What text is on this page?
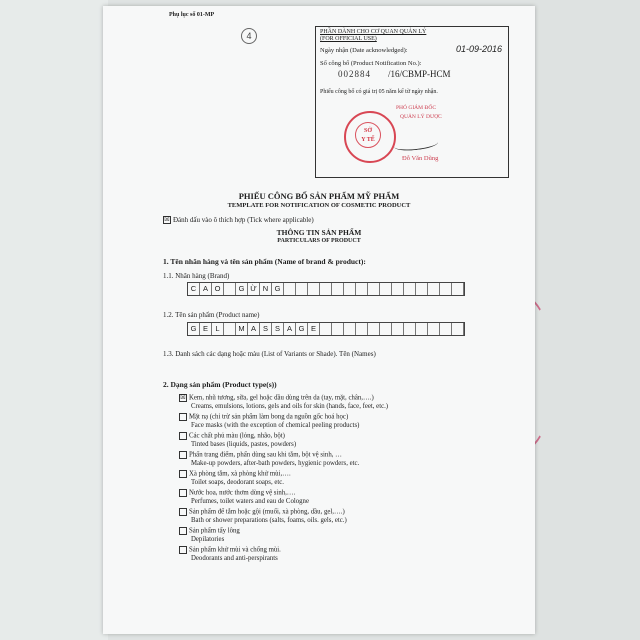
Phụ lục số 01-MP
4	PHẦN DÀNH CHO CƠ QUAN QUẢN LÝ
(FOR OFFICIAL USE)
Ngày nhận (Date acknowledged):	01-09-2016
Số công bố (Product Notification No.):
002884 /16/CBMP-HCM
Phiếu công bố có giá trị 05 năm kể từ ngày nhận.
SỞ
Y TẾ
PHÓ GIÁM ĐỐC
QUẢN LÝ DƯỢC
Đỗ Văn Dũng
PHIẾU CÔNG BỐ SẢN PHẨM MỸ PHẨM
TEMPLATE FOR NOTIFICATION OF COSMETIC PRODUCT
☒ Đánh dấu vào ô thích hợp (Tick where applicable)
THÔNG TIN SẢN PHẨM
PARTICULARS OF PRODUCT
1. Tên nhãn hàng và tên sản phẩm (Name of brand & product):
1.1. Nhãn hàng (Brand)
C A O	G Ừ N G
1.2. Tên sản phẩm (Product name)
G E L	M A S S A G E
1.3. Danh sách các dạng hoặc màu (List of Variants or Shade). Tên (Names)
2. Dạng sản phẩm (Product type(s))
☒ Kem, nhũ tương, sữa, gel hoặc dầu dùng trên da (tay, mặt, chân,….)
Creams, emulsions, lotions, gels and oils for skin (hands, face, feet, etc.)
Mặt nạ (chỉ trừ sản phẩm làm bong da nguồn gốc hoá học)
Face masks (with the exception of chemical peeling products)
Các chất phủ màu (lỏng, nhão, bột)
Tinted bases (liquids, pastes, powders)
Phấn trang điểm, phấn dùng sau khi tắm, bột vệ sinh, …
Make-up powders, after-bath powders, hygienic powders, etc.
Xà phòng tắm, xà phòng khử mùi,….
Toilet soaps, deodorant soaps, etc.
Nước hoa, nước thơm dùng vệ sinh,….
Perfumes, toilet waters and eau de Cologne
Sản phẩm để tắm hoặc gội (muối, xà phòng, dầu, gel,….)
Bath or shower preparations (salts, foams, oils. gels, etc.)
Sản phẩm tẩy lông
Depilatories
Sản phẩm khử mùi và chống mùi.
Deodorants and anti-perspirants
